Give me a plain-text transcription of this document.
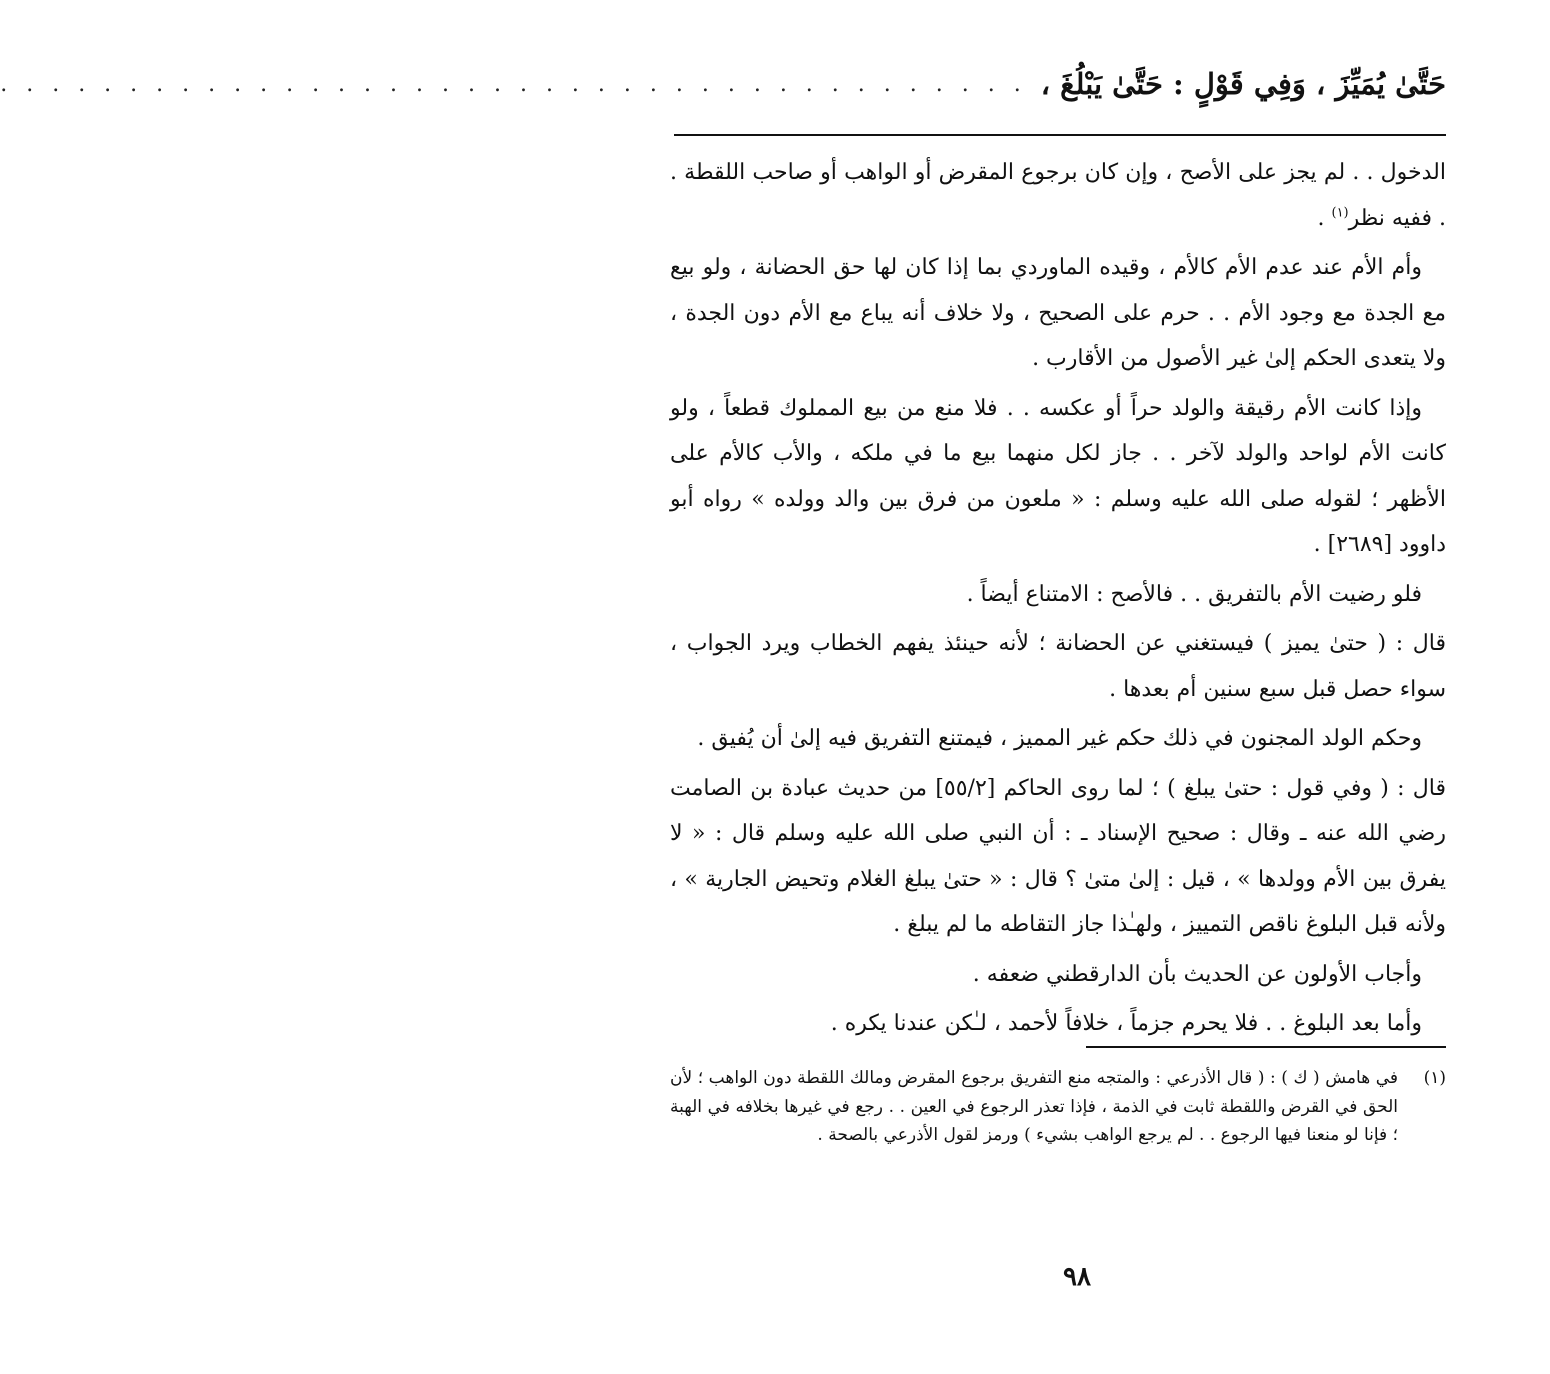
حَتَّىٰ يُمَيِّزَ ، وَفِي قَوْلٍ : حَتَّىٰ يَبْلُغَ ،
. . . . . . . . . . . . . . . . . . . . . . . . . . . . . . . . . . . . . . . .

الدخول . . لم يجز على الأصح ، وإن كان برجوع المقرض أو الواهب أو صاحب اللقطة . . ففيه نظر$^{(١)}$ .

وأم الأم عند عدم الأم كالأم ، وقيده الماوردي بما إذا كان لها حق الحضانة ، ولو بيع مع الجدة مع وجود الأم . . حرم على الصحيح ، ولا خلاف أنه يباع مع الأم دون الجدة ، ولا يتعدى الحكم إلىٰ غير الأصول من الأقارب .

وإذا كانت الأم رقيقة والولد حراً أو عكسه . . فلا منع من بيع المملوك قطعاً ، ولو كانت الأم لواحد والولد لآخر . . جاز لكل منهما بيع ما في ملكه ، والأب كالأم على الأظهر ؛ لقوله صلى الله عليه وسلم : « ملعون من فرق بين والد وولده » رواه أبو داوود [٢٦٨٩] .

فلو رضيت الأم بالتفريق . . فالأصح : الامتناع أيضاً .

قال : ( حتىٰ يميز ) فيستغني عن الحضانة ؛ لأنه حينئذ يفهم الخطاب ويرد الجواب ، سواء حصل قبل سبع سنين أم بعدها .

وحكم الولد المجنون في ذلك حكم غير المميز ، فيمتنع التفريق فيه إلىٰ أن يُفيق .

قال : ( وفي قول : حتىٰ يبلغ ) ؛ لما روى الحاكم [٥٥/٢] من حديث عبادة بن الصامت رضي الله عنه ـ وقال : صحيح الإسناد ـ : أن النبي صلى الله عليه وسلم قال : « لا يفرق بين الأم وولدها » ، قيل : إلىٰ متىٰ ؟ قال : « حتىٰ يبلغ الغلام وتحيض الجارية » ، ولأنه قبل البلوغ ناقص التمييز ، ولهـٰذا جاز التقاطه ما لم يبلغ .

وأجاب الأولون عن الحديث بأن الدارقطني ضعفه .

وأما بعد البلوغ . . فلا يحرم جزماً ، خلافاً لأحمد ، لـٰكن عندنا يكره .

(١)
في هامش ( ك ) : ( قال الأذرعي : والمتجه منع التفريق برجوع المقرض ومالك اللقطة دون الواهب ؛ لأن الحق في القرض واللقطة ثابت في الذمة ، فإذا تعذر الرجوع في العين . . رجع في غيرها بخلافه في الهبة ؛ فإنا لو منعنا فيها الرجوع . . لم يرجع الواهب بشيء ) ورمز لقول الأذرعي بالصحة .
٩٨
